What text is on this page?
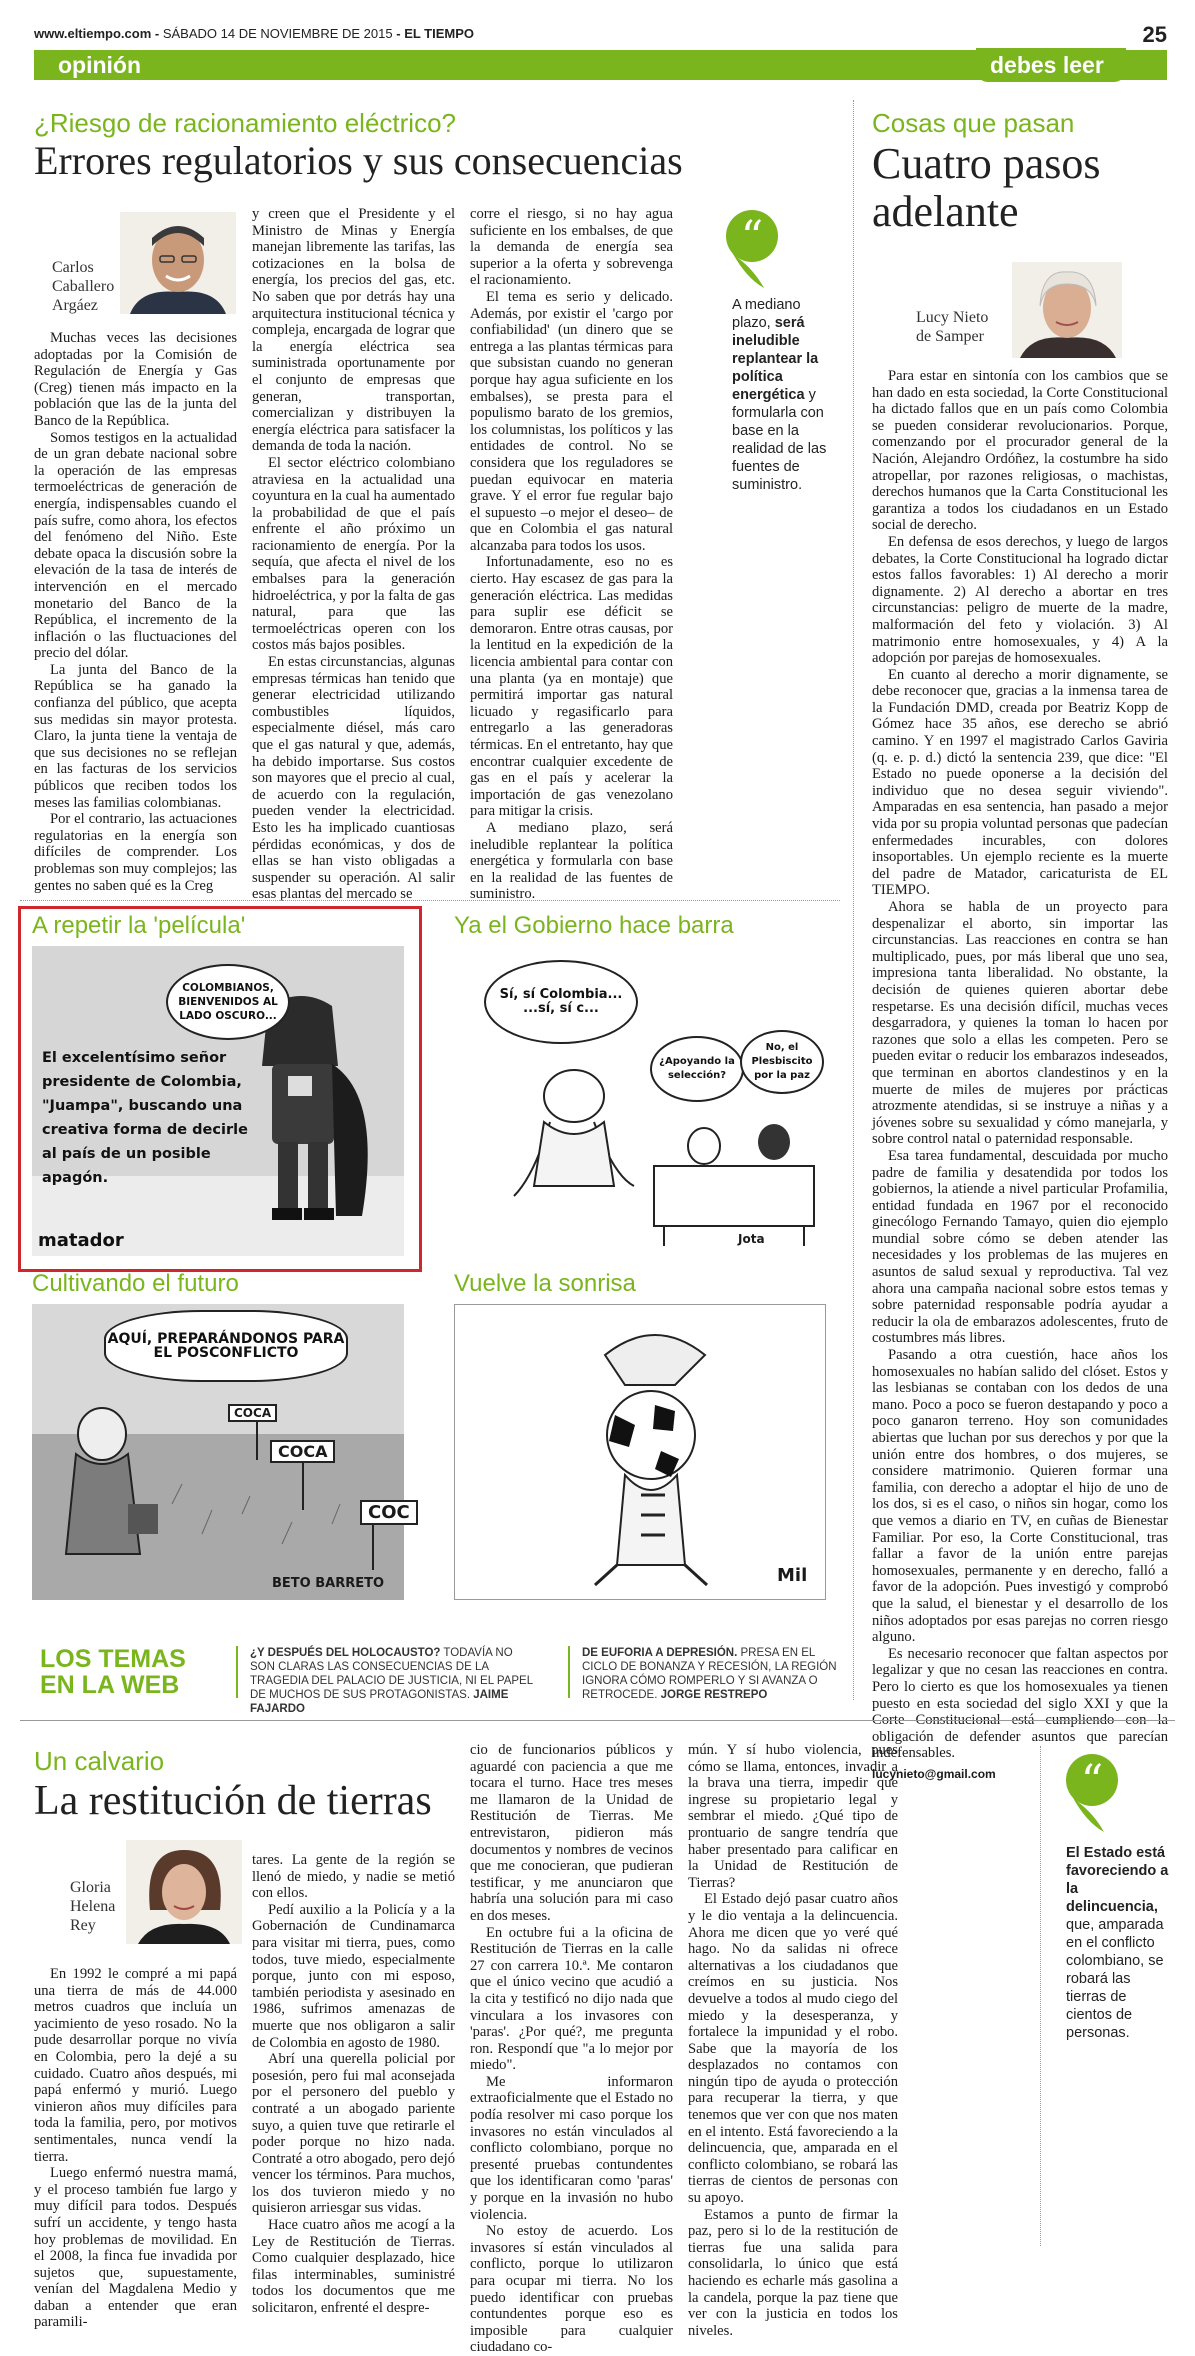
www.eltiempo.com - SÁBADO 14 DE NOVIEMBRE DE 2015 - EL TIEMPO	25
opinión	debes leer
¿Riesgo de racionamiento eléctrico?
Errores regulatorios y sus consecuencias
Carlos
Caballero
Argáez

Muchas veces las decisiones adoptadas por la Comisión de Regulación de Energía y Gas (Creg) tienen más impacto en la población que las de la junta del Banco de la República.

Somos testigos en la actualidad de un gran debate nacional sobre la operación de las empresas termoeléctricas de generación de energía, indispensables cuando el país sufre, como ahora, los efectos del fenómeno del Niño. Este debate opaca la discusión sobre la elevación de la tasa de interés de intervención en el mercado monetario del Banco de la República, el incremento de la inflación o las fluctuaciones del precio del dólar.

La junta del Banco de la República se ha ganado la confianza del público, que acepta sus medidas sin mayor protesta. Claro, la junta tiene la ventaja de que sus decisiones no se reflejan en las facturas de los servicios públicos que reciben todos los meses las familias colombianas.

Por el contrario, las actuaciones regulatorias en la energía son difíciles de comprender. Los problemas son muy complejos; las gentes no saben qué es la Creg

y creen que el Presidente y el Ministro de Minas y Energía manejan libremente las tarifas, las cotizaciones en la bolsa de energía, los precios del gas, etc. No saben que por detrás hay una arquitectura institucional técnica y compleja, encargada de lograr que la energía eléctrica sea suministrada oportunamente por el conjunto de empresas que generan, transportan, comercializan y distribuyen la energía eléctrica para satisfacer la demanda de toda la nación.

El sector eléctrico colombiano atraviesa en la actualidad una coyuntura en la cual ha aumentado la probabilidad de que el país enfrente el año próximo un racionamiento de energía. Por la sequía, que afecta el nivel de los embalses para la generación hidroeléctrica, y por la falta de gas natural, para que las termoeléctricas operen con los costos más bajos posibles.

En estas circunstancias, algunas empresas térmicas han tenido que generar electricidad utilizando combustibles líquidos, especialmente diésel, más caro que el gas natural y que, además, ha debido importarse. Sus costos son mayores que el precio al cual, de acuerdo con la regulación, pueden vender la electricidad. Esto les ha implicado cuantiosas pérdidas económicas, y dos de ellas se han visto obligadas a suspender su operación. Al salir esas plantas del mercado se

corre el riesgo, si no hay agua suficiente en los embalses, de que la demanda de energía sea superior a la oferta y sobrevenga el racionamiento.

El tema es serio y delicado. Además, por existir el 'cargo por confiabilidad' (un dinero que se entrega a las plantas térmicas para que subsistan cuando no generan porque hay agua suficiente en los embalses), se presta para el populismo barato de los gremios, los columnistas, los políticos y las entidades de control. No se considera que los reguladores se puedan equivocar en materia grave. Y el error fue regular bajo el supuesto –o mejor el deseo– de que en Colombia el gas natural alcanzaba para todos los usos.

Infortunadamente, eso no es cierto. Hay escasez de gas para la generación eléctrica. Las medidas para suplir ese déficit se demoraron. Entre otras causas, por la lentitud en la expedición de la licencia ambiental para contar con una planta (ya en montaje) que permitirá importar gas natural licuado y regasificarlo para entregarlo a las generadoras térmicas. En el entretanto, hay que encontrar cualquier excedente de gas en el país y acelerar la importación de gas venezolano para mitigar la crisis.

A mediano plazo, será ineludible replantear la política energética y formularla con base en la realidad de las fuentes de suministro.

“
A mediano plazo, será ineludible replantear la política energética y formularla con base en la realidad de las fuentes de suministro.
Cosas que pasan
Cuatro pasos
adelante
Lucy Nieto
de Samper

Para estar en sintonía con los cambios que se han dado en esta sociedad, la Corte Constitucional ha dictado fallos que en un país como Colombia se pueden considerar revolucionarios. Porque, comenzando por el procurador general de la Nación, Alejandro Ordóñez, la costumbre ha sido atropellar, por razones religiosas, o machistas, derechos humanos que la Carta Constitucional les garantiza a todos los ciudadanos en un Estado social de derecho.

En defensa de esos derechos, y luego de largos debates, la Corte Constitucional ha logrado dictar estos fallos favorables: 1) Al derecho a morir dignamente. 2) Al derecho a abortar en tres circunstancias: peligro de muerte de la madre, malformación del feto y violación. 3) Al matrimonio entre homosexuales, y 4) A la adopción por parejas de homosexuales.

En cuanto al derecho a morir dignamente, se debe reconocer que, gracias a la inmensa tarea de la Fundación DMD, creada por Beatriz Kopp de Gómez hace 35 años, ese derecho se abrió camino. Y en 1997 el magistrado Carlos Gaviria (q. e. p. d.) dictó la sentencia 239, que dice: "El Estado no puede oponerse a la decisión del individuo que no desea seguir viviendo". Amparadas en esa sentencia, han pasado a mejor vida por su propia voluntad personas que padecían enfermedades incurables, con dolores insoportables. Un ejemplo reciente es la muerte del padre de Matador, caricaturista de EL TIEMPO.

Ahora se habla de un proyecto para despenalizar el aborto, sin importar las circunstancias. Las reacciones en contra se han multiplicado, pues, por más liberal que uno sea, impresiona tanta liberalidad. No obstante, la decisión de quienes quieren abortar debe respetarse. Es una decisión difícil, muchas veces desgarradora, y quienes la toman lo hacen por razones que solo a ellas les competen. Pero se pueden evitar o reducir los embarazos indeseados, que terminan en abortos clandestinos y en la muerte de miles de mujeres por prácticas atrozmente atendidas, si se instruye a niñas y a jóvenes sobre su sexualidad y cómo manejarla, y sobre control natal o paternidad responsable.

Esa tarea fundamental, descuidada por mucho padre de familia y desatendida por todos los gobiernos, la atiende a nivel particular Profamilia, entidad fundada en 1967 por el reconocido ginecólogo Fernando Tamayo, quien dio ejemplo mundial sobre cómo se deben atender las necesidades y los problemas de las mujeres en asuntos de salud sexual y reproductiva. Tal vez ahora una campaña nacional sobre estos temas y sobre paternidad responsable podría ayudar a reducir la ola de embarazos adolescentes, fruto de costumbres más libres.

Pasando a otra cuestión, hace años los homosexuales no habían salido del clóset. Estos y las lesbianas se contaban con los dedos de una mano. Poco a poco se fueron destapando y poco a poco ganaron terreno. Hoy son comunidades abiertas que luchan por sus derechos y por que la unión entre dos hombres, o dos mujeres, se considere matrimonio. Quieren formar una familia, con derecho a adoptar el hijo de uno de los dos, si es el caso, o niños sin hogar, como los que vemos a diario en TV, en cuñas de Bienestar Familiar. Por eso, la Corte Constitucional, tras fallar a favor de la unión entre parejas homosexuales, permanente y en derecho, falló a favor de la adopción. Pues investigó y comprobó que la salud, el bienestar y el desarrollo de los niños adoptados por esas parejas no corren riesgo alguno.

Es necesario reconocer que faltan aspectos por legalizar y que no cesan las reacciones en contra. Pero lo cierto es que los homosexuales ya tienen puesto en esta sociedad del siglo XXI y que la Corte Constitucional está cumpliendo con la obligación de defender asuntos que parecían indefensables.

lucynieto@gmail.com

A repetir la 'película'
COLOMBIANOS, BIENVENIDOS AL LADO OSCURO...
El excelentísimo señor presidente de Colombia, "Juampa", buscando una creativa forma de decirle al país de un posible apagón.
matador
Ya el Gobierno hace barra
Sí, sí Colombia... ...sí, sí c...
¿Apoyando la selección?
No, el Plesbiscito por la paz
Jota
Cultivando el futuro
AQUÍ, PREPARÁNDONOS PARA EL POSCONFLICTO
COCA
COCA
COC
BETO BARRETO
Vuelve la sonrisa
Mil
LOS TEMAS
EN LA WEB
¿Y DESPUÉS DEL HOLOCAUSTO? TODAVÍA NO SON CLARAS LAS CONSECUENCIAS DE LA TRAGEDIA DEL PALACIO DE JUSTICIA, NI EL PAPEL DE MUCHOS DE SUS PROTAGONISTAS. JAIME FAJARDO
DE EUFORIA A DEPRESIÓN. PRESA EN EL CICLO DE BONANZA Y RECESIÓN, LA REGIÓN IGNORA CÓMO ROMPERLO Y SI AVANZA O RETROCEDE. JORGE RESTREPO
Un calvario
La restitución de tierras
Gloria
Helena
Rey

En 1992 le compré a mi papá una tierra de más de 44.000 metros cuadros que incluía un yacimiento de yeso rosado. No la pude desarrollar porque no vivía en Colombia, pero la dejé a su cuidado. Cuatro años después, mi papá enfermó y murió. Luego vinieron años muy difíciles para toda la familia, pero, por motivos sentimentales, nunca vendí la tierra.

Luego enfermó nuestra mamá, y el proceso también fue largo y muy difícil para todos. Después sufrí un accidente, y tengo hasta hoy problemas de movilidad. En el 2008, la finca fue invadida por sujetos que, supuestamente, venían del Magdalena Medio y daban a entender que eran paramili-

tares. La gente de la región se llenó de miedo, y nadie se metió con ellos.

Pedí auxilio a la Policía y a la Gobernación de Cundinamarca para visitar mi tierra, pues, como todos, tuve miedo, especialmente porque, junto con mi esposo, también periodista y asesinado en 1986, sufrimos amenazas de muerte que nos obligaron a salir de Colombia en agosto de 1980.

Abrí una querella policial por posesión, pero fui mal aconsejada por el personero del pueblo y contraté a un abogado pariente suyo, a quien tuve que retirarle el poder porque no hizo nada. Contraté a otro abogado, pero dejó vencer los términos. Para muchos, los dos tuvieron miedo y no quisieron arriesgar sus vidas.

Hace cuatro años me acogí a la Ley de Restitución de Tierras. Como cualquier desplazado, hice filas interminables, suministré todos los documentos que me solicitaron, enfrenté el despre-

cio de funcionarios públicos y aguardé con paciencia a que me tocara el turno. Hace tres meses me llamaron de la Unidad de Restitución de Tierras. Me entrevistaron, pidieron más documentos y nombres de vecinos que me conocieran, que pudieran testificar, y me anunciaron que habría una solución para mi caso en dos meses.

En octubre fui a la oficina de Restitución de Tierras en la calle 27 con carrera 10.ª. Me contaron que el único vecino que acudió a la cita y testificó no dijo nada que vinculara a los invasores con 'paras'. ¿Por qué?, me pregunta ron. Respondí que "a lo mejor por miedo".

Me informaron extraoficialmente que el Estado no podía resolver mi caso porque los invasores no están vinculados al conflicto colombiano, porque no presenté pruebas contundentes que los identificaran como 'paras' y porque en la invasión no hubo violencia.

No estoy de acuerdo. Los invasores sí están vinculados al conflicto, porque lo utilizaron para ocupar mi tierra. No los puedo identificar con pruebas contundentes porque eso es imposible para cualquier ciudadano co-

mún. Y sí hubo violencia, pues cómo se llama, entonces, invadir a la brava una tierra, impedir que ingrese su propietario legal y sembrar el miedo. ¿Qué tipo de prontuario de sangre tendría que haber presentado para calificar en la Unidad de Restitución de Tierras?

El Estado dejó pasar cuatro años y le dio ventaja a la delincuencia. Ahora me dicen que yo veré qué hago. No da salidas ni ofrece alternativas a los ciudadanos que creímos en su justicia. Nos devuelve a todos al mudo ciego del miedo y la desesperanza, y fortalece la impunidad y el robo. Sabe que la mayoría de los desplazados no contamos con ningún tipo de ayuda o protección para recuperar la tierra, y que tenemos que ver con que nos maten en el intento. Está favoreciendo a la delincuencia, que, amparada en el conflicto colombiano, se robará las tierras de cientos de personas con su apoyo.

Estamos a punto de firmar la paz, pero si lo de la restitución de tierras fue una salida para consolidarla, lo único que está haciendo es echarle más gasolina a la candela, porque la paz tiene que ver con la justicia en todos los niveles.

“
El Estado está favoreciendo a la delincuencia, que, amparada en el conflicto colombiano, se robará las tierras de cientos de personas.
